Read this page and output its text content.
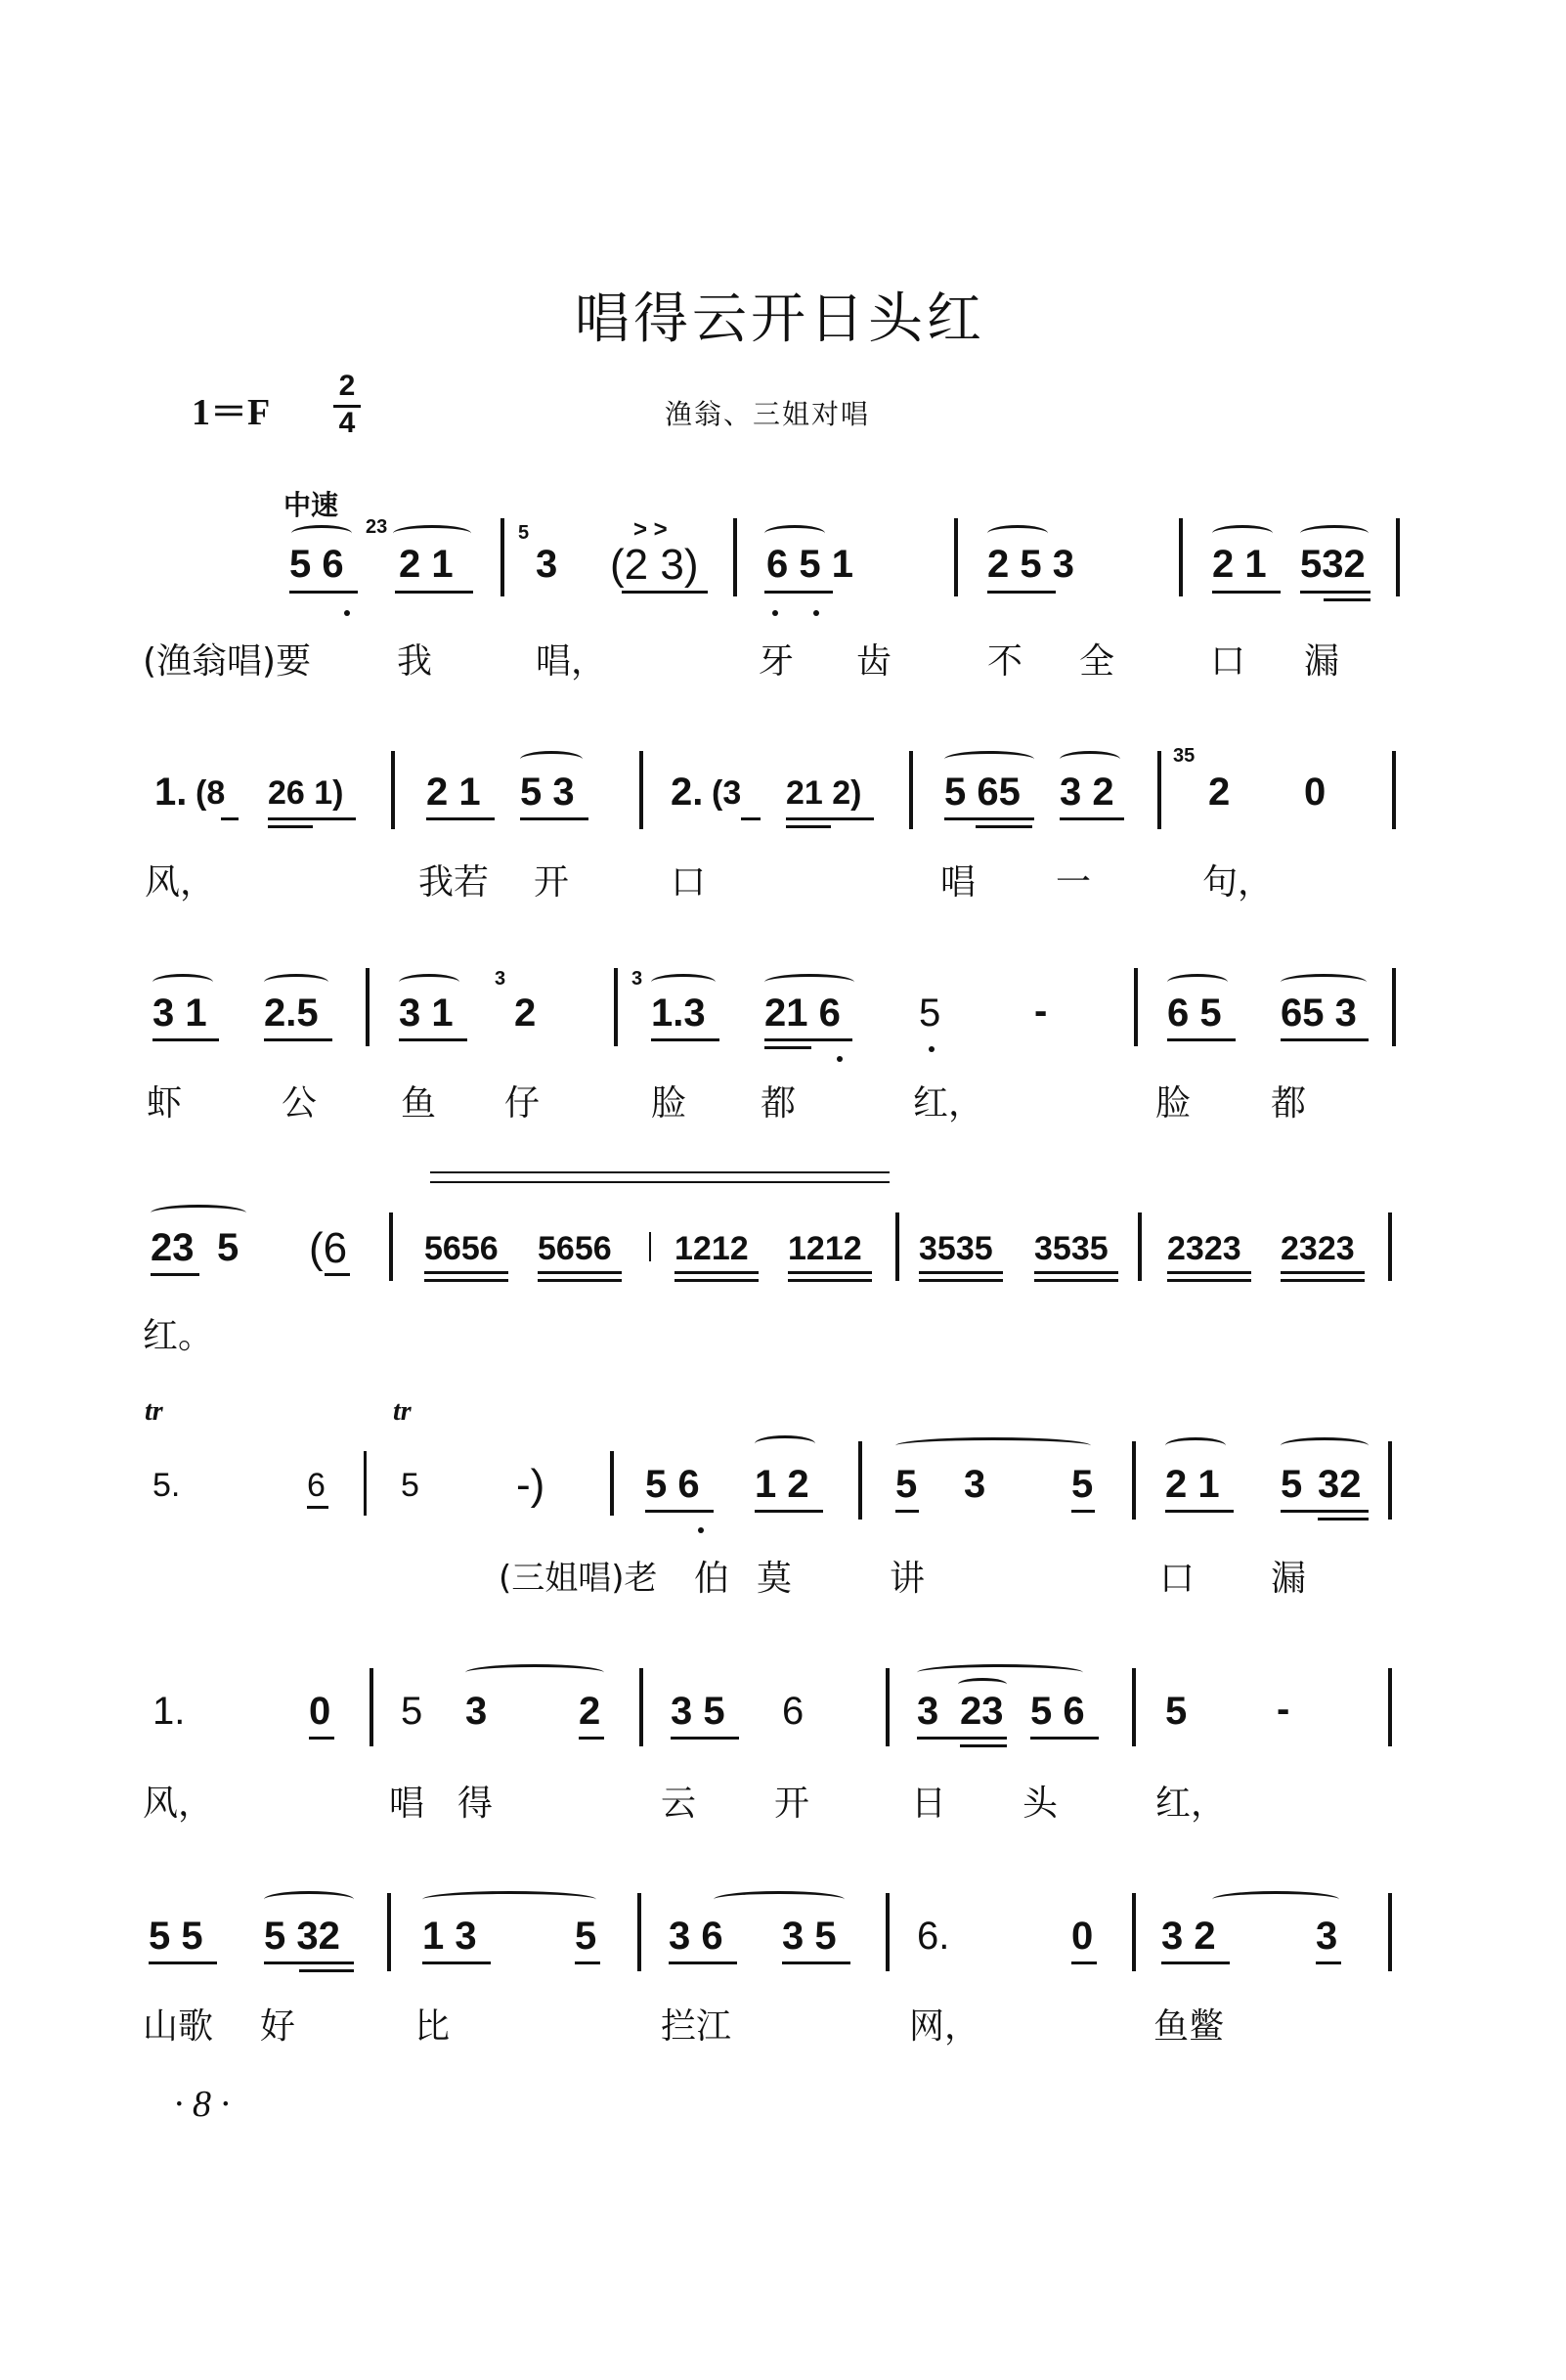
唱得云开日头红
1＝F
2
4	渔翁、三姐对唱
中速
23
5 6 2 1
5
3
> >
(2 3) 6 5 1	2 5 3	2 1 532
(渔翁唱)要 我	唱，	牙 齿	不 全	口 漏
1. (8 26 1) 2 1 5 3 2. (3 21 2) 5 65 3 2
35
2 0
风，	我若 开	口	唱 一	句，
3 1 2.5 3 1
3
2
3
1.3 21 6 5 -	6 5 65 3
虾	公 鱼 仔	脸 都	红，	脸 都
23 5 (6 5656 5656 1212 1212 3535 3535 2323 2323
红。
tr	tr
5.	6 5 -)	5 6 1 2 5 3 5 2 1 5 32
(三姐唱)老 伯 莫	讲	口 漏
1.	0 5 3 2 3 5 6	3 23 5 6 5 -
风，	唱 得	云 开	日 头	红，
5 5 5 32 1 3	5 3 6 3 5 6.	0 3 2	3
山歌 好	比	拦江	网，	鱼鳖
· 8 ·
